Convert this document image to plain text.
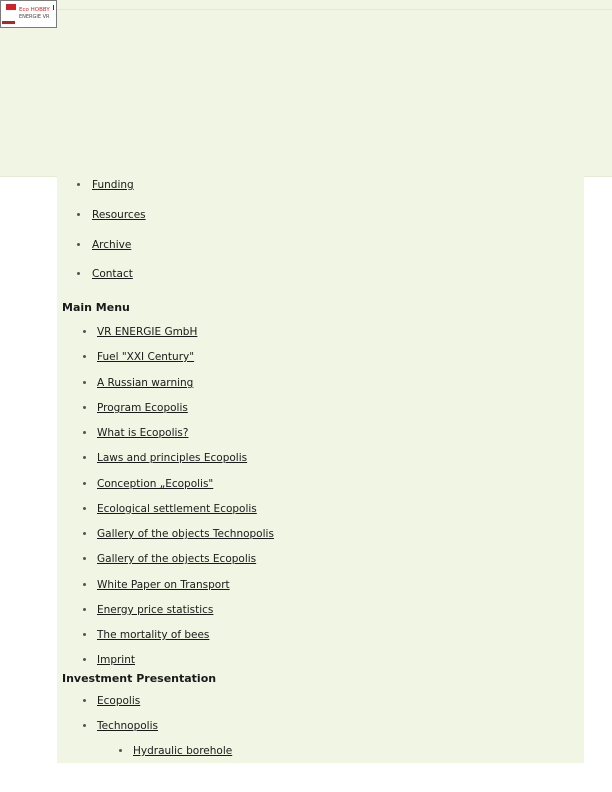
Eco HOBBY
ENERGIE VR
Funding
Resources
Archive
Contact
Main Menu
VR ENERGIE GmbH
Fuel "XXI Century"
A Russian warning
Program Ecopolis
What is Ecopolis?
Laws and principles Ecopolis
Conception „Ecopolis"
Ecological settlement Ecopolis
Gallery of the objects Technopolis
Gallery of the objects Ecopolis
White Paper on Transport
Energy price statistics
The mortality of bees
Imprint
Investment Presentation
Ecopolis
Technopolis
Hydraulic borehole
